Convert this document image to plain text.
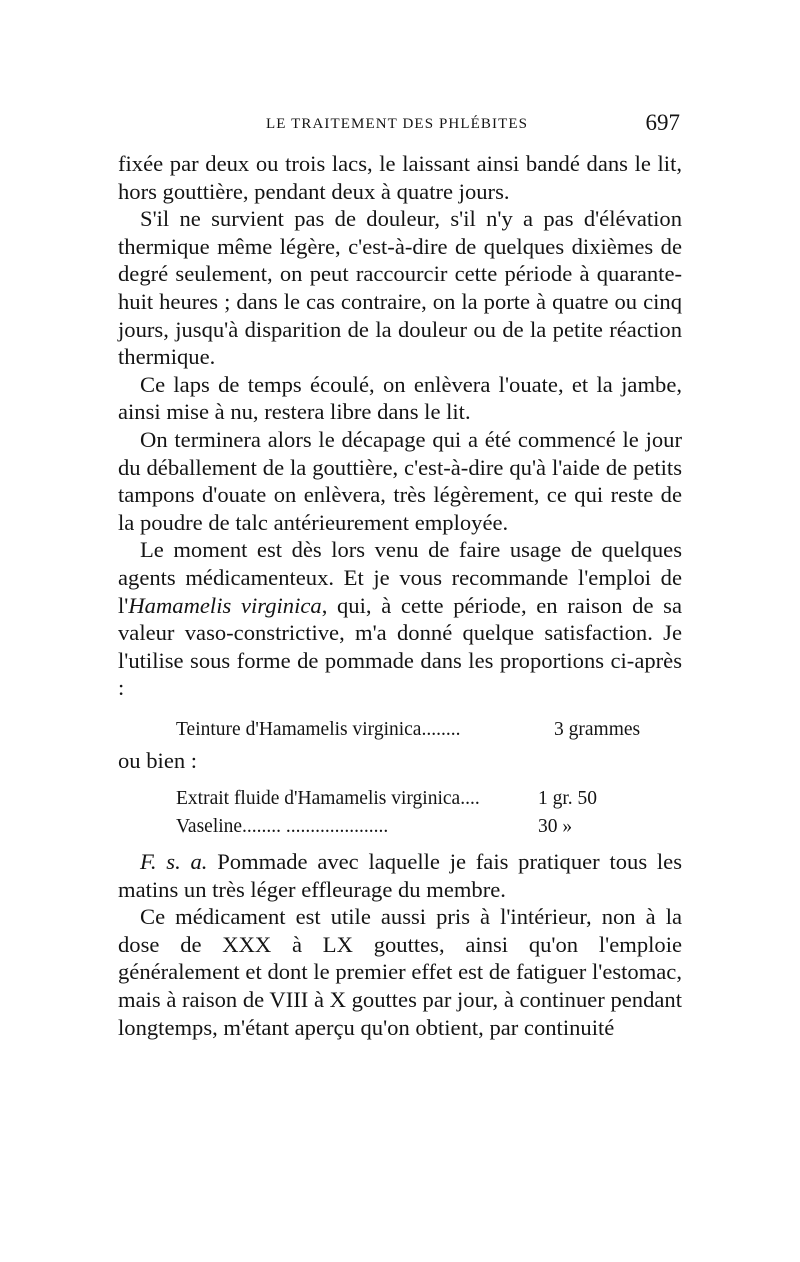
LE TRAITEMENT DES PHLÉBITES	697

fixée par deux ou trois lacs, le laissant ainsi bandé dans le lit, hors gouttière, pendant deux à quatre jours.

S'il ne survient pas de douleur, s'il n'y a pas d'élévation thermique même légère, c'est-à-dire de quelques dixièmes de degré seulement, on peut raccourcir cette période à quarante-huit heures ; dans le cas contraire, on la porte à quatre ou cinq jours, jusqu'à disparition de la douleur ou de la petite réaction thermique.

Ce laps de temps écoulé, on enlèvera l'ouate, et la jambe, ainsi mise à nu, restera libre dans le lit.

On terminera alors le décapage qui a été commencé le jour du déballement de la gouttière, c'est-à-dire qu'à l'aide de petits tampons d'ouate on enlèvera, très légèrement, ce qui reste de la poudre de talc antérieurement employée.

Le moment est dès lors venu de faire usage de quelques agents médicamenteux. Et je vous recommande l'emploi de l'Hamamelis virginica, qui, à cette période, en raison de sa valeur vaso-constrictive, m'a donné quelque satisfaction. Je l'utilise sous forme de pommade dans les proportions ci-après :

Teinture d'Hamamelis virginica........	3 grammes
ou bien :
Extrait fluide d'Hamamelis virginica....	1 gr. 50
Vaseline........ .....................	30 »

F. s. a. Pommade avec laquelle je fais pratiquer tous les matins un très léger effleurage du membre.

Ce médicament est utile aussi pris à l'intérieur, non à la dose de XXX à LX gouttes, ainsi qu'on l'emploie généralement et dont le premier effet est de fatiguer l'estomac, mais à raison de VIII à X gouttes par jour, à continuer pendant longtemps, m'étant aperçu qu'on obtient, par continuité
